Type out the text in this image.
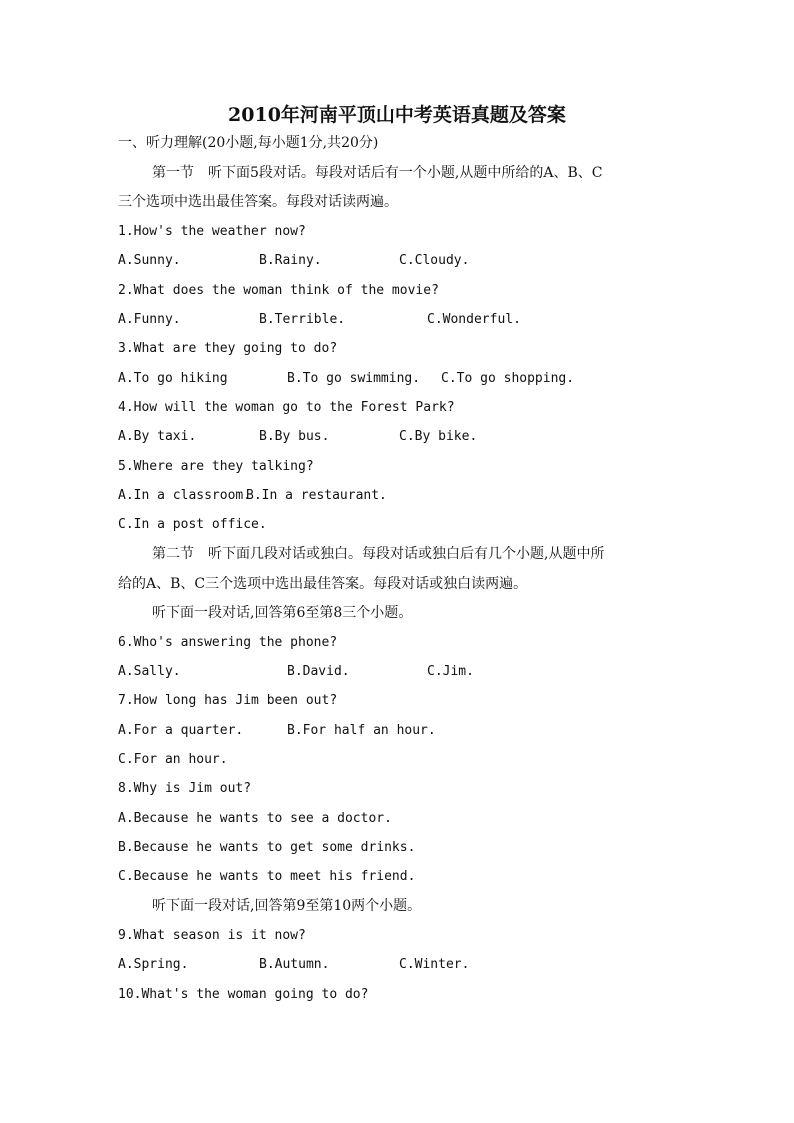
2010年河南平顶山中考英语真题及答案
一、听力理解(20小题,每小题1分,共20分)
第一节　听下面5段对话。每段对话后有一个小题,从题中所给的A、B、C
三个选项中选出最佳答案。每段对话读两遍。
1.How's the weather now?
A.Sunny.	B.Rainy.	C.Cloudy.
2.What does the woman think of the movie?
A.Funny.	B.Terrible.	C.Wonderful.
3.What are they going to do?
A.To go hiking	B.To go swimming. C.To go shopping.
4.How will the woman go to the Forest Park?
A.By taxi.	B.By bus.	C.By bike.
5.Where are they talking?
A.In a classroom.
B.In a restaurant.
C.In a post office.
第二节　听下面几段对话或独白。每段对话或独白后有几个小题,从题中所
给的A、B、C三个选项中选出最佳答案。每段对话或独白读两遍。
听下面一段对话,回答第6至第8三个小题。
6.Who's answering the phone?
A.Sally.	B.David.	C.Jim.
7.How long has Jim been out?
A.For a quarter.	B.For half an hour.
C.For an hour.
8.Why is Jim out?
A.Because he wants to see a doctor.
B.Because he wants to get some drinks.
C.Because he wants to meet his friend.
听下面一段对话,回答第9至第10两个小题。
9.What season is it now?
A.Spring.	B.Autumn.	C.Winter.
10.What's the woman going to do?
